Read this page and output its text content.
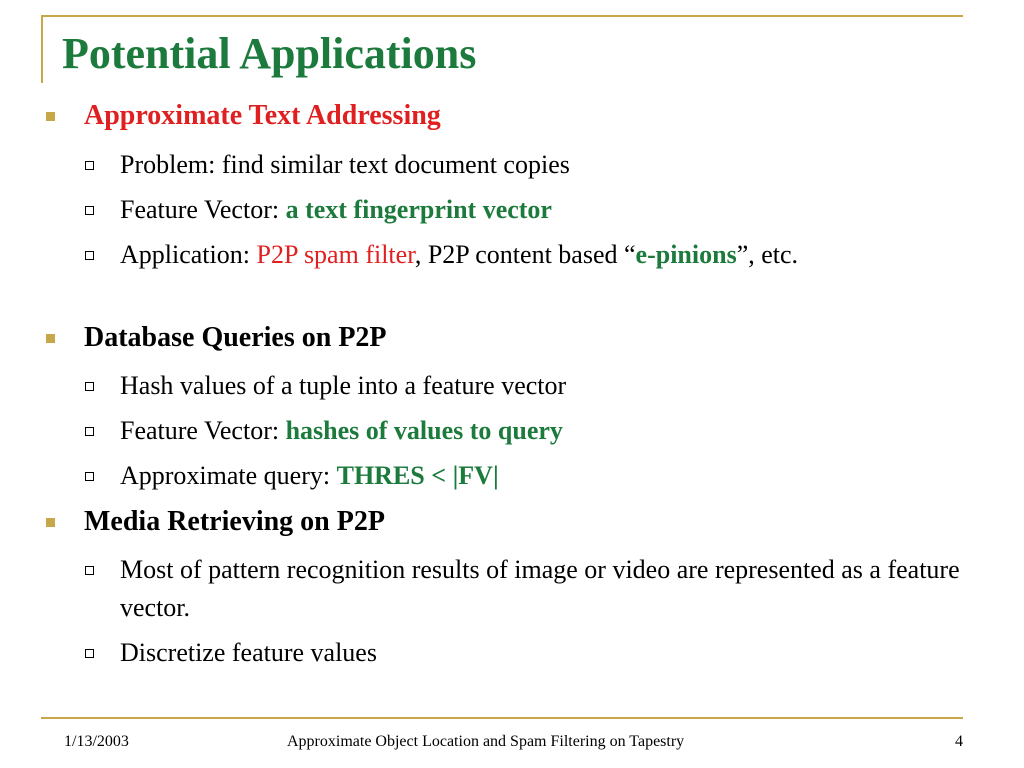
Potential Applications
Approximate Text Addressing
Problem: find similar text document copies
Feature Vector: a text fingerprint vector
Application: P2P spam filter, P2P content based “e-pinions”, etc.
Database Queries on P2P
Hash values of a tuple into a feature vector
Feature Vector: hashes of values to query
Approximate query: THRES < |FV|
Media Retrieving on P2P
Most of pattern recognition results of image or video are represented as a feature vector.
Discretize feature values
1/13/2003	Approximate Object Location and Spam Filtering on Tapestry	4
